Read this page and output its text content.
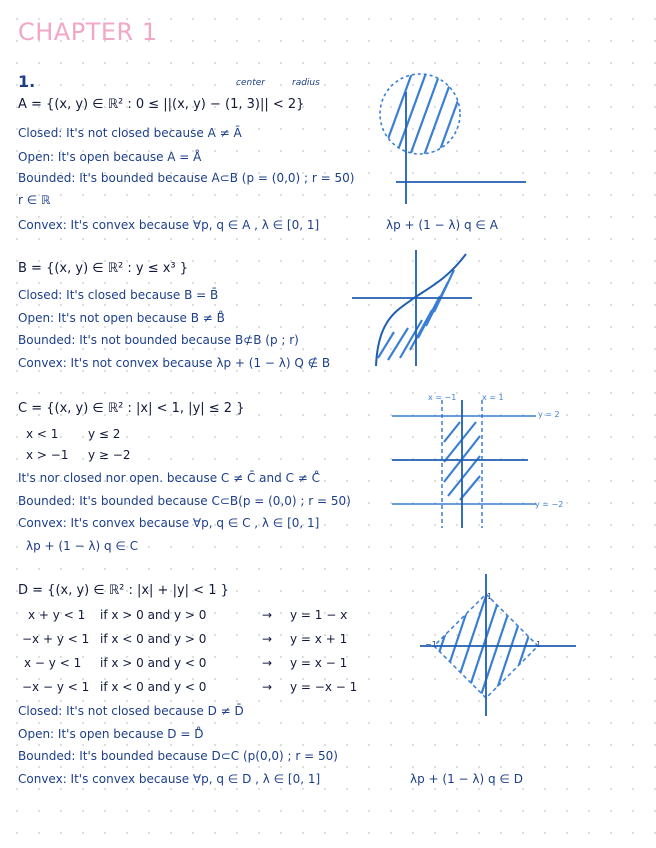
CHAPTER 1
1.	center	radius
A = {(x, y) ∈ ℝ² : 0 ≤ ||(x, y) − (1, 3)|| < 2}
Closed: It's not closed because A ≠ Ā
Open: It's open because A = Å
Bounded: It's bounded because A⊂B (p = (0,0) ; r = 50)
r ∈ ℝ
Convex: It's convex because ∀p, q ∈ A , λ ∈ [0, 1]	λp + (1 − λ) q ∈ A
B = {(x, y) ∈ ℝ² : y ≤ x³ }
Closed: It's closed because B = B̄
Open: It's not open because B ≠ B̊
Bounded: It's not bounded because B⊄B (p ; r)
Convex: It's not convex because λp + (1 − λ) Q ∉ B
C = {(x, y) ∈ ℝ² : |x| < 1, |y| ≤ 2 }
x < 1 y ≤ 2
x > −1 y ≥ −2
It's nor closed nor open. because C ≠ C̄ and C ≠ C̊
Bounded: It's bounded because C⊂B(p = (0,0) ; r = 50)
Convex: It's convex because ∀p, q ∈ C , λ ∈ [0, 1]
λp + (1 − λ) q ∈ C
x = −1	x = 1
y = 2
y = −2
D = {(x, y) ∈ ℝ² : |x| + |y| < 1 }
x + y < 1 if x > 0 and y > 0	→ y = 1 − x
−x + y < 1 if x < 0 and y > 0	→ y = x + 1
x − y < 1 if x > 0 and y < 0	→ y = x − 1
−x − y < 1 if x < 0 and y < 0	→ y = −x − 1
Closed: It's not closed because D ≠ D̄
Open: It's open because D = D̊
Bounded: It's bounded because D⊂C (p(0,0) ; r = 50)
Convex: It's convex because ∀p, q ∈ D , λ ∈ [0, 1]	λp + (1 − λ) q ∈ D
1
−1	1
